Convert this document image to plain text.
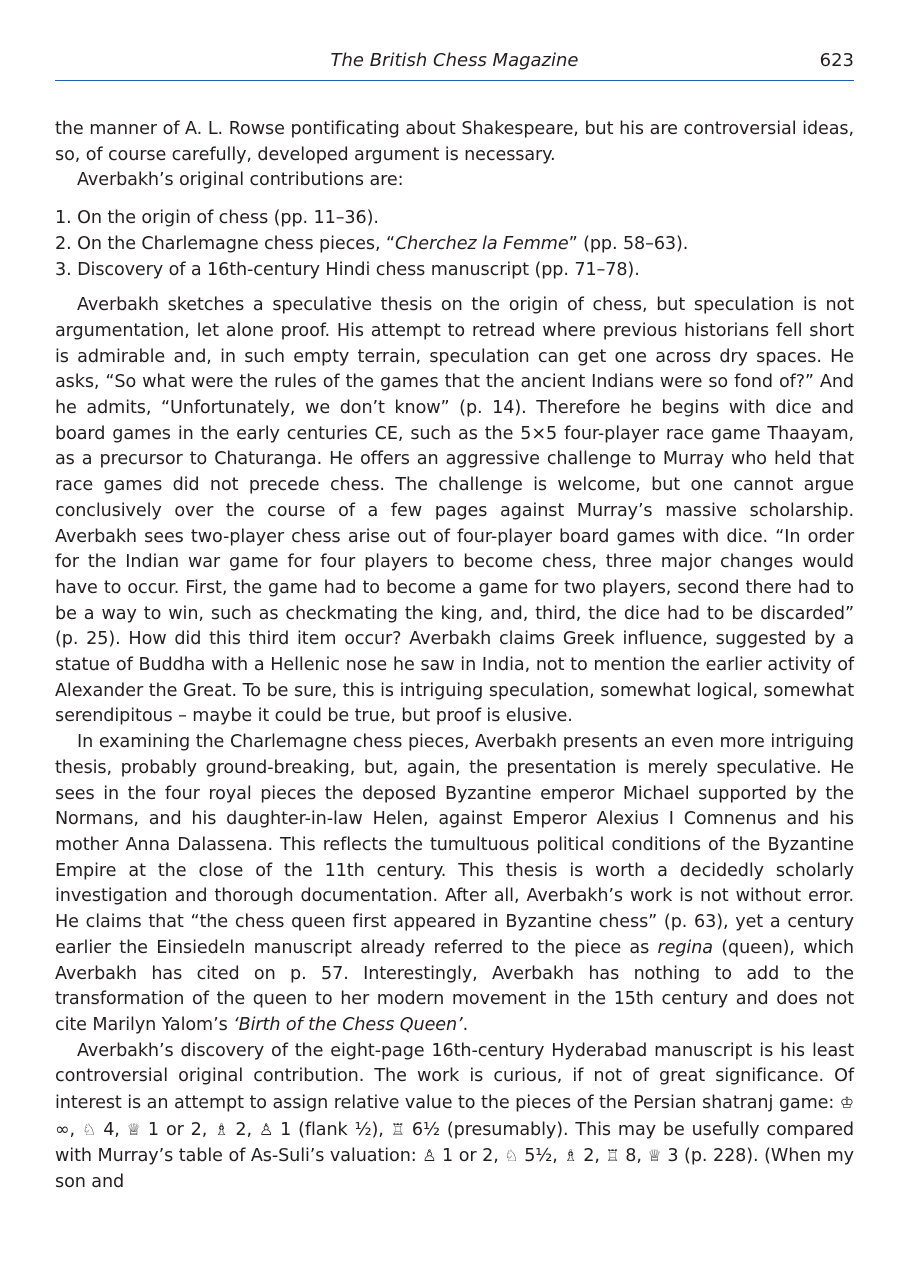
The British Chess Magazine	623

the manner of A. L. Rowse pontificating about Shakespeare, but his are controversial ideas, so, of course carefully, developed argument is necessary.

Averbakh’s original contributions are:

1. On the origin of chess (pp. 11–36).
2. On the Charlemagne chess pieces, “Cherchez la Femme” (pp. 58–63).
3. Discovery of a 16th-century Hindi chess manuscript (pp. 71–78).

Averbakh sketches a speculative thesis on the origin of chess, but speculation is not argumentation, let alone proof. His attempt to retread where previous historians fell short is admirable and, in such empty terrain, speculation can get one across dry spaces. He asks, “So what were the rules of the games that the ancient Indians were so fond of?” And he admits, “Unfortunately, we don’t know” (p. 14). Therefore he begins with dice and board games in the early centuries CE, such as the 5×5 four-player race game Thaayam, as a precursor to Chaturanga. He offers an aggressive challenge to Murray who held that race games did not precede chess. The challenge is welcome, but one cannot argue conclusively over the course of a few pages against Murray’s massive scholarship. Averbakh sees two-player chess arise out of four-player board games with dice. “In order for the Indian war game for four players to become chess, three major changes would have to occur. First, the game had to become a game for two players, second there had to be a way to win, such as checkmating the king, and, third, the dice had to be discarded” (p. 25). How did this third item occur? Averbakh claims Greek influence, suggested by a statue of Buddha with a Hellenic nose he saw in India, not to mention the earlier activity of Alexander the Great. To be sure, this is intriguing speculation, somewhat logical, somewhat serendipitous – maybe it could be true, but proof is elusive.

In examining the Charlemagne chess pieces, Averbakh presents an even more intriguing thesis, probably ground-breaking, but, again, the presentation is merely speculative. He sees in the four royal pieces the deposed Byzantine emperor Michael supported by the Normans, and his daughter-in-law Helen, against Emperor Alexius I Comnenus and his mother Anna Dalassena. This reflects the tumultuous political conditions of the Byzantine Empire at the close of the 11th century. This thesis is worth a decidedly scholarly investigation and thorough documentation. After all, Averbakh’s work is not without error. He claims that “the chess queen first appeared in Byzantine chess” (p. 63), yet a century earlier the Einsiedeln manuscript already referred to the piece as regina (queen), which Averbakh has cited on p. 57. Interestingly, Averbakh has nothing to add to the transformation of the queen to her modern movement in the 15th century and does not cite Marilyn Yalom’s ‘Birth of the Chess Queen’.

Averbakh’s discovery of the eight-page 16th-century Hyderabad manuscript is his least controversial original contribution. The work is curious, if not of great significance. Of interest is an attempt to assign relative value to the pieces of the Persian shatranj game: ♔ ∞, ♘ 4, ♕ 1 or 2, ♗ 2, ♙ 1 (flank ½), ♖ 6½ (presumably). This may be usefully compared with Murray’s table of As-Suli’s valuation: ♙ 1 or 2, ♘ 5½, ♗ 2, ♖ 8, ♕ 3 (p. 228). (When my son and
